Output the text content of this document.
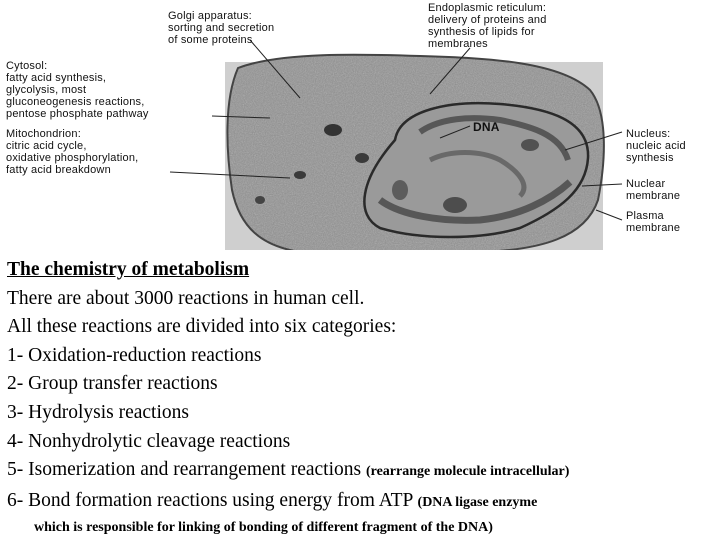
Golgi apparatus:
sorting and secretion
of some proteins
Endoplasmic reticulum:
delivery of proteins and
synthesis of lipids for
membranes
Cytosol:
fatty acid synthesis,
glycolysis, most
gluconeogenesis reactions,
pentose phosphate pathway
Mitochondrion:
citric acid cycle,
oxidative phosphorylation,
fatty acid breakdown
DNA	Nucleus:
nucleic acid
synthesis
Nuclear
membrane
Plasma
membrane
The chemistry of metabolism
There are about 3000 reactions in human cell.
All these reactions are divided into six categories:
1- Oxidation-reduction reactions
2- Group transfer reactions
3- Hydrolysis reactions
4- Nonhydrolytic cleavage reactions
5- Isomerization and rearrangement reactions (rearrange molecule intracellular)
6- Bond formation reactions using energy from ATP (DNA ligase enzyme
which is responsible for linking of bonding of different fragment of the DNA)
